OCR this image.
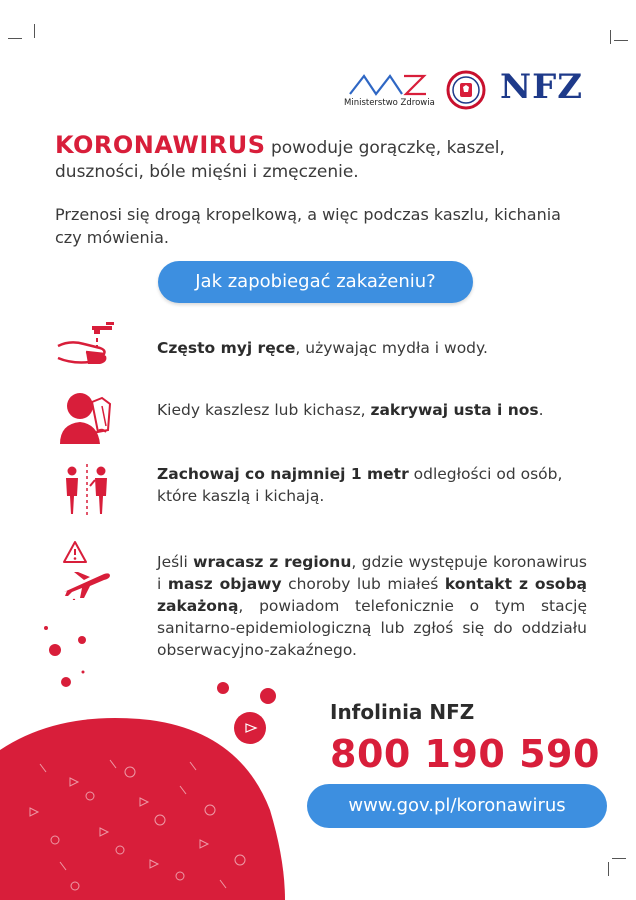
Ministerstwo Zdrowia NFZ
KORONAWIRUS powoduje gorączkę, kaszel, duszności, bóle mięśni i zmęczenie.
Przenosi się drogą kropelkową, a więc podczas kaszlu, kichania czy mówienia.
Jak zapobiegać zakażeniu?
Często myj ręce, używając mydła i wody.
Kiedy kaszlesz lub kichasz, zakrywaj usta i nos.
Zachowaj co najmniej 1 metr odległości od osób, które kaszlą i kichają.
Jeśli wracasz z regionu, gdzie występuje koronawirus i masz objawy choroby lub miałeś kontakt z osobą zakażoną, powiadom telefonicznie o tym stację sanitarno-epidemiologiczną lub zgłoś się do oddziału obserwacyjno-zakaźnego.
Infolinia NFZ
800 190 590
www.gov.pl/koronawirus
